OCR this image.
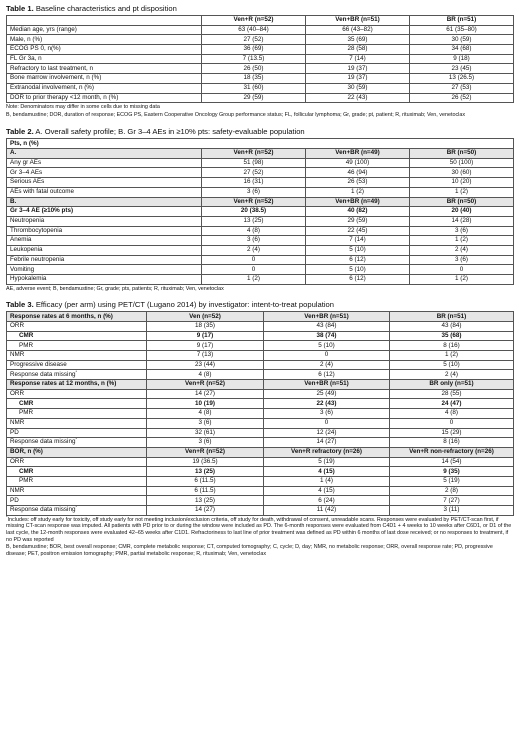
Table 1. Baseline characteristics and pt disposition
	Ven+R (n=52)	Ven+BR (n=51)	BR (n=51)
Median age, yrs (range)	63 (40–84)	66 (43–82)	61 (35–80)
Male, n (%)	27 (52)	35 (69)	30 (59)
ECOG PS 0, n(%)	36 (69)	28 (58)	34 (68)
FL Gr 3a, n	7 (13.5)	7 (14)	9 (18)
Refractory to last treatment, n	26 (50)	19 (37)	23 (45)
Bone marrow involvement, n (%)	18 (35)	19 (37)	13 (26.5)
Extranodal involvement, n (%)	31 (60)	30 (59)	27 (53)
DOR to prior therapy <12 month, n (%)	29 (59)	22 (43)	26 (52)
Note: Denominators may differ in some cells due to missing data
B, bendamustine; DOR, duration of response; ECOG PS, Eastern Cooperative Oncology Group performance status; FL, follicular lymphoma; Gr, grade; pt, patient; R, rituximab; Ven, venetoclax
Table 2. A. Overall safety profile; B. Gr 3–4 AEs in ≥10% pts: safety-evaluable population
Pts, n (%)			
A.	Ven+R (n=52)	Ven+BR (n=49)	BR (n=50)
Any gr AEs	51 (98)	49 (100)	50 (100)
Gr 3–4 AEs	27 (52)	46 (94)	30 (60)
Serious AEs	16 (31)	26 (53)	10 (20)
AEs with fatal outcome	3 (6)	1 (2)	1 (2)
B.	Ven+R (n=52)	Ven+BR (n=49)	BR (n=50)
Gr 3–4 AE (≥10% pts)	20 (38.5)	40 (82)	20 (40)
Neutropenia	13 (25)	29 (59)	14 (28)
Thrombocytopenia	4 (8)	22 (45)	3 (6)
Anemia	3 (6)	7 (14)	1 (2)
Leukopenia	2 (4)	5 (10)	2 (4)
Febrile neutropenia	0	6 (12)	3 (6)
Vomiting	0	5 (10)	0
Hypokalemia	1 (2)	6 (12)	1 (2)
AE, adverse event; B, bendamustine; Gr, grade; pts, patients; R, rituximab; Ven, venetoclax
Table 3. Efficacy (per arm) using PET/CT (Lugano 2014) by investigator: intent-to-treat population
Response rates at 6 months, n (%)	Ven (n=52)	Ven+BR (n=51)	BR (n=51)
ORR	18 (35)	43 (84)	43 (84)
CMR	9 (17)	38 (74)	35 (68)
PMR	9 (17)	5 (10)	8 (16)
NMR	7 (13)	0	1 (2)
Progressive disease	23 (44)	2 (4)	5 (10)
Response data missing*	4 (8)	6 (12)	2 (4)
Response rates at 12 months, n (%)	Ven+R (n=52)	Ven+BR (n=51)	BR only (n=51)
ORR	14 (27)	25 (49)	28 (55)
CMR	10 (19)	22 (43)	24 (47)
PMR	4 (8)	3 (6)	4 (8)
NMR	3 (6)	0	0
PD	32 (61)	12 (24)	15 (29)
Response data missing*	3 (6)	14 (27)	8 (16)
BOR, n (%)	Ven+R (n=52)	Ven+R refractory (n=26)	Ven+R non-refractory (n=26)
ORR	19 (36.5)	5 (19)	14 (54)
CMR	13 (25)	4 (15)	9 (35)
PMR	6 (11.5)	1 (4)	5 (19)
NMR	6 (11.5)	4 (15)	2 (8)
PD	13 (25)	6 (24)	7 (27)
Response data missing*	14 (27)	11 (42)	3 (11)
*Includes: off study early for toxicity, off study early for not meeting inclusion/exclusion criteria, off study for death, withdrawal of consent, unreadable scans. Responses were evaluated by PET/CT-scan first, if missing CT-scan response was imputed. All patients with PD prior to or during the window were included as PD. The 6-month responses were evaluated from C4D1 + 4 weeks to 10 weeks after C6D1, or D1 of the last cycle, the 12-month responses were evaluated 42–65 weeks after C1D1. Refractoriness to last line of prior treatment was defined as PD within 6 months of last dose received; or no responses to treatment, if no PD was reported
B, bendamustine; BOR, best overall response; CMR, complete metabolic response; CT, computed tomography; C, cycle; D, day; NMR, no metabolic response; ORR, overall response rate; PD, progressive disease; PET, positron emission tomography; PMR, partial metabolic response; R, rituximab; Ven, venetoclax
